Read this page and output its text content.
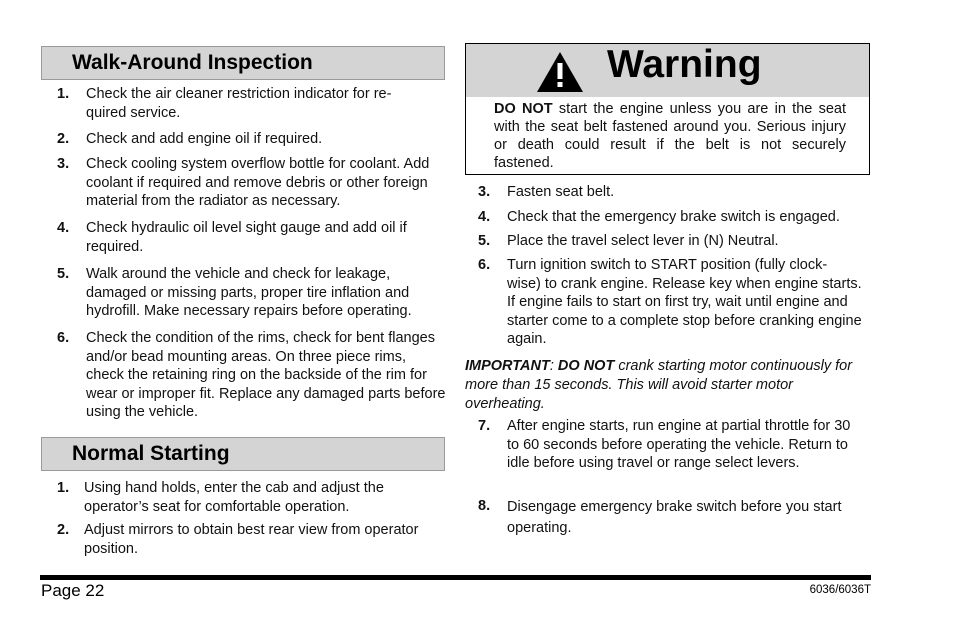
Walk-Around Inspection
1. Check the air cleaner restriction indicator for re- quired service.
2. Check and add engine oil if required.
3. Check cooling system overflow bottle for coolant. Add coolant if required and remove debris or other foreign material from the radiator as necessary.
4. Check hydraulic oil level sight gauge and add oil if required.
5. Walk around the vehicle and check for leakage, damaged or missing parts, proper tire inflation and hydrofill. Make necessary repairs before operating.
6. Check the condition of the rims, check for bent flanges and/or bead mounting areas. On three piece rims, check the retaining ring on the backside of the rim for wear or improper fit. Replace any damaged parts before using the vehicle.
Normal Starting
1. Using hand holds, enter the cab and adjust the operator’s seat for comfortable operation.
2. Adjust mirrors to obtain best rear view from operator position.
Warning
DO NOT start the engine unless you are in the seat with the seat belt fastened around you. Serious injury or death could result if the belt is not securely fastened.
3. Fasten seat belt.
4. Check that the emergency brake switch is engaged.
5. Place the travel select lever in (N) Neutral.
6. Turn ignition switch to START position (fully clock- wise) to crank engine. Release key when engine starts. If engine fails to start on first try, wait until engine and starter come to a complete stop before cranking engine again.
IMPORTANT: DO NOT crank starting motor continuously for more than 15 seconds. This will avoid starter motor overheating.
7. After engine starts, run engine at partial throttle for 30 to 60 seconds before operating the vehicle. Return to idle before using travel or range select levers.
8. Disengage emergency brake switch before you start operating.
Page 22	6036/6036T
